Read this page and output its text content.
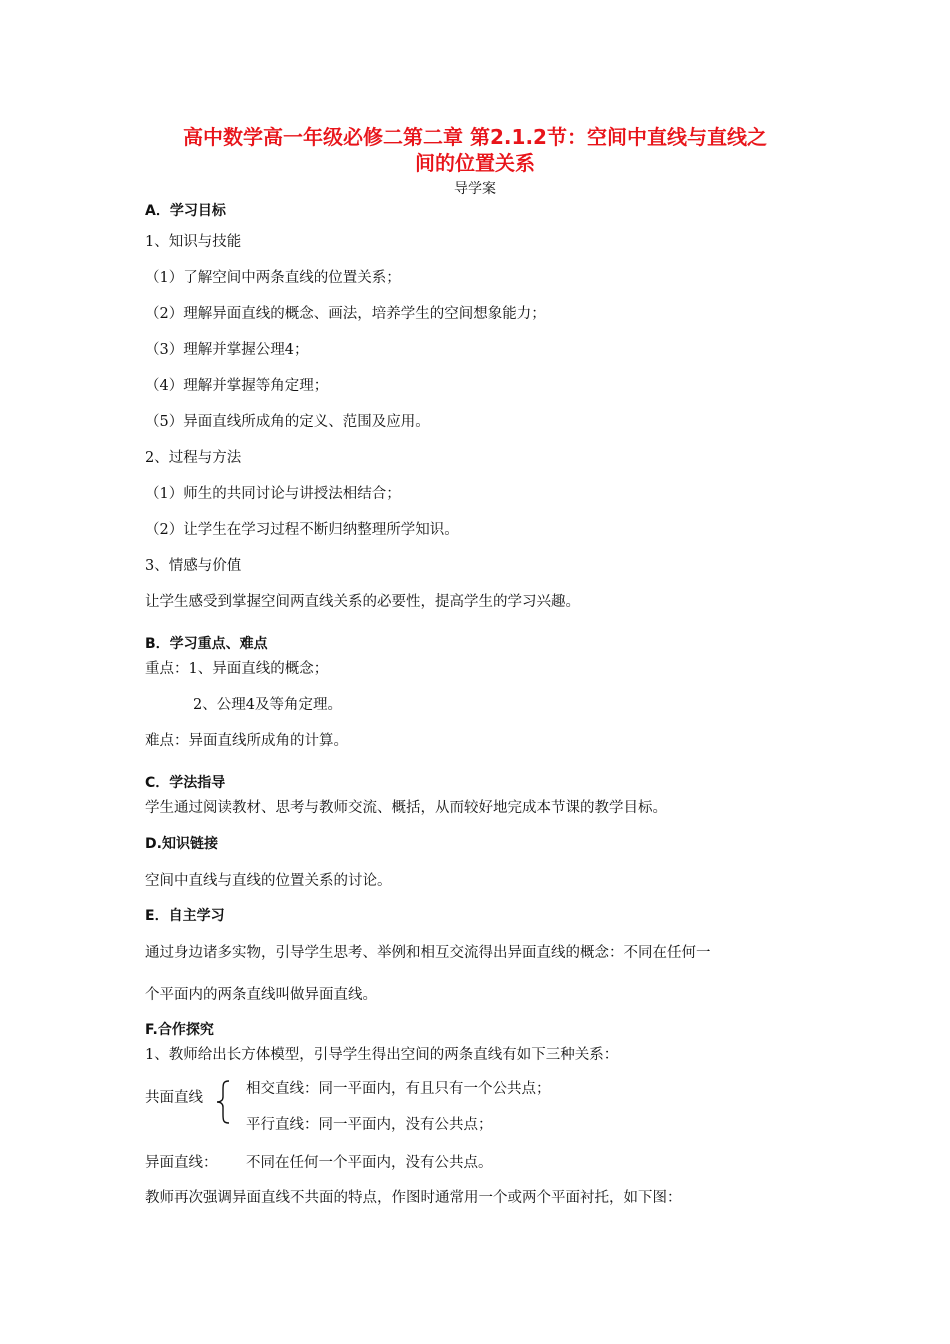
高中数学高一年级必修二第二章 第2.1.2节：空间中直线与直线之
间的位置关系
导学案
A．学习目标
1、知识与技能
（1）了解空间中两条直线的位置关系；
（2）理解异面直线的概念、画法，培养学生的空间想象能力；
（3）理解并掌握公理4；
（4）理解并掌握等角定理；
（5）异面直线所成角的定义、范围及应用。
2、过程与方法
（1）师生的共同讨论与讲授法相结合；
（2）让学生在学习过程不断归纳整理所学知识。
3、情感与价值
让学生感受到掌握空间两直线关系的必要性，提高学生的学习兴趣。
B．学习重点、难点
重点：1、异面直线的概念；
2、公理4及等角定理。
难点：异面直线所成角的计算。
C．学法指导
学生通过阅读教材、思考与教师交流、概括，从而较好地完成本节课的教学目标。
D.知识链接
空间中直线与直线的位置关系的讨论。
E．自主学习
通过身边诸多实物，引导学生思考、举例和相互交流得出异面直线的概念：不同在任何一
个平面内的两条直线叫做异面直线。
F.合作探究
1、教师给出长方体模型，引导学生得出空间的两条直线有如下三种关系：
共面直线
相交直线：同一平面内，有且只有一个公共点；
平行直线：同一平面内，没有公共点；
异面直线： 不同在任何一个平面内，没有公共点。
教师再次强调异面直线不共面的特点，作图时通常用一个或两个平面衬托，如下图：
